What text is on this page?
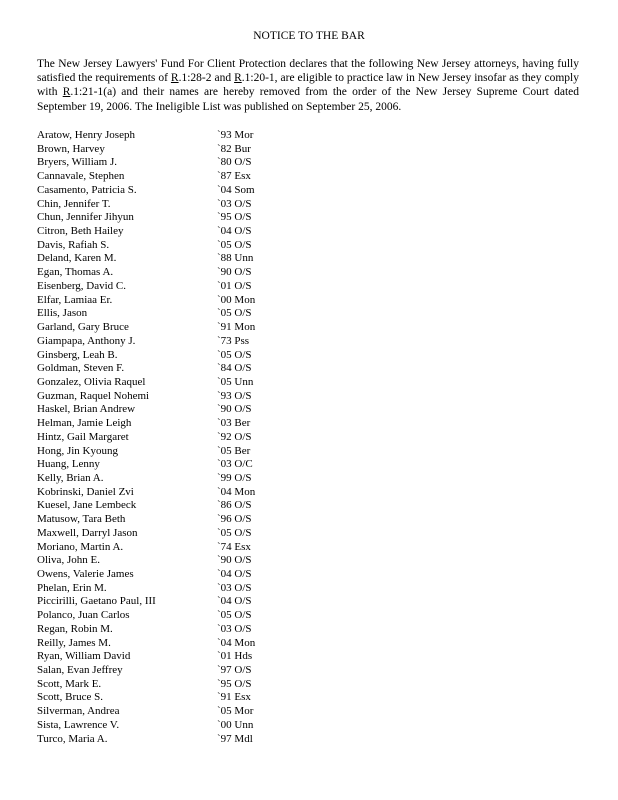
NOTICE TO THE BAR
The New Jersey Lawyers' Fund For Client Protection declares that the following New Jersey attorneys, having fully satisfied the requirements of R.1:28-2 and R.1:20-1, are eligible to practice law in New Jersey insofar as they comply with R.1:21-1(a) and their names are hereby removed from the order of the New Jersey Supreme Court dated September 19, 2006. The Ineligible List was published on September 25, 2006.
Aratow, Henry Joseph	`93 Mor
Brown, Harvey	`82 Bur
Bryers, William J.	`80 O/S
Cannavale, Stephen	`87 Esx
Casamento, Patricia S.	`04 Som
Chin, Jennifer T.	`03 O/S
Chun, Jennifer Jihyun	`95 O/S
Citron, Beth Hailey	`04 O/S
Davis, Rafiah S.	`05 O/S
Deland, Karen M.	`88 Unn
Egan, Thomas A.	`90 O/S
Eisenberg, David C.	`01 O/S
Elfar, Lamiaa Er.	`00 Mon
Ellis, Jason	`05 O/S
Garland, Gary Bruce	`91 Mon
Giampapa, Anthony J.	`73 Pss
Ginsberg, Leah B.	`05 O/S
Goldman, Steven F.	`84 O/S
Gonzalez, Olivia Raquel	`05 Unn
Guzman, Raquel Nohemi	`93 O/S
Haskel, Brian Andrew	`90 O/S
Helman, Jamie Leigh	`03 Ber
Hintz, Gail Margaret	`92 O/S
Hong, Jin Kyoung	`05 Ber
Huang, Lenny	`03 O/C
Kelly, Brian A.	`99 O/S
Kobrinski, Daniel Zvi	`04 Mon
Kuesel, Jane Lembeck	`86 O/S
Matusow, Tara Beth	`96 O/S
Maxwell, Darryl Jason	`05 O/S
Moriano, Martin A.	`74 Esx
Oliva, John E.	`90 O/S
Owens, Valerie James	`04 O/S
Phelan, Erin M.	`03 O/S
Piccirilli, Gaetano Paul, III	`04 O/S
Polanco, Juan Carlos	`05 O/S
Regan, Robin M.	`03 O/S
Reilly, James M.	`04 Mon
Ryan, William David	`01 Hds
Salan, Evan Jeffrey	`97 O/S
Scott, Mark E.	`95 O/S
Scott, Bruce S.	`91 Esx
Silverman, Andrea	`05 Mor
Sista, Lawrence V.	`00 Unn
Turco, Maria A.	`97 Mdl
